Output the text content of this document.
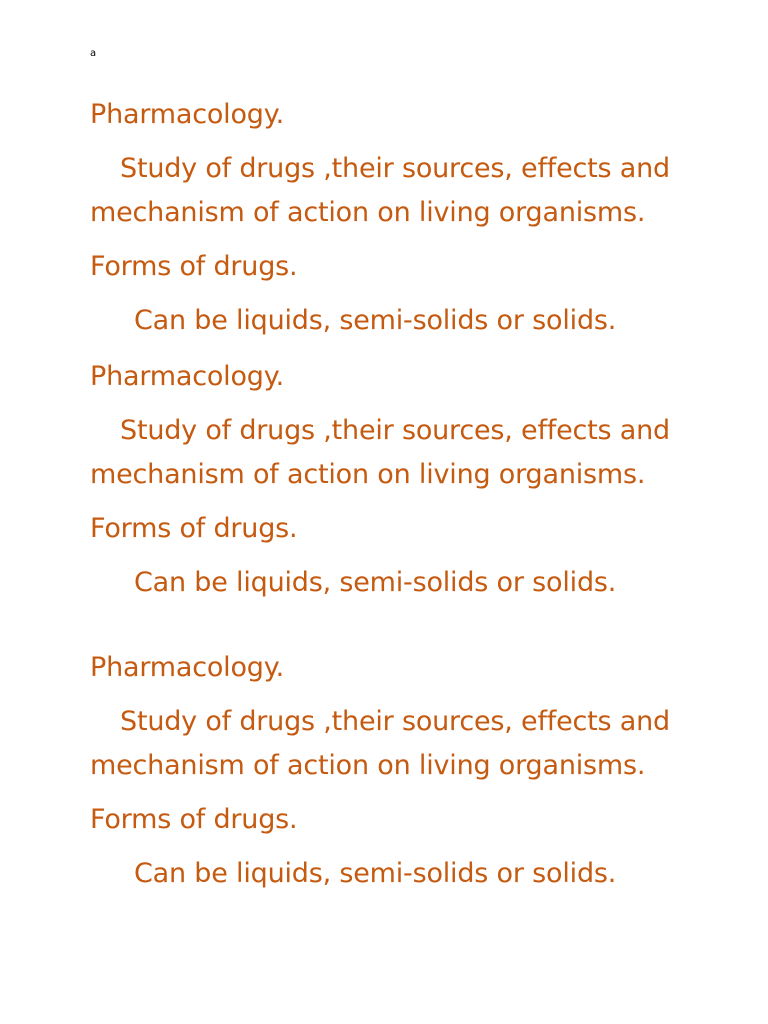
a
Pharmacology.
Study of drugs ,their sources, effects and
mechanism of action on living organisms.
Forms of drugs.
Can be liquids, semi-solids or solids.
Pharmacology.
Study of drugs ,their sources, effects and
mechanism of action on living organisms.
Forms of drugs.
Can be liquids, semi-solids or solids.
Pharmacology.
Study of drugs ,their sources, effects and
mechanism of action on living organisms.
Forms of drugs.
Can be liquids, semi-solids or solids.
